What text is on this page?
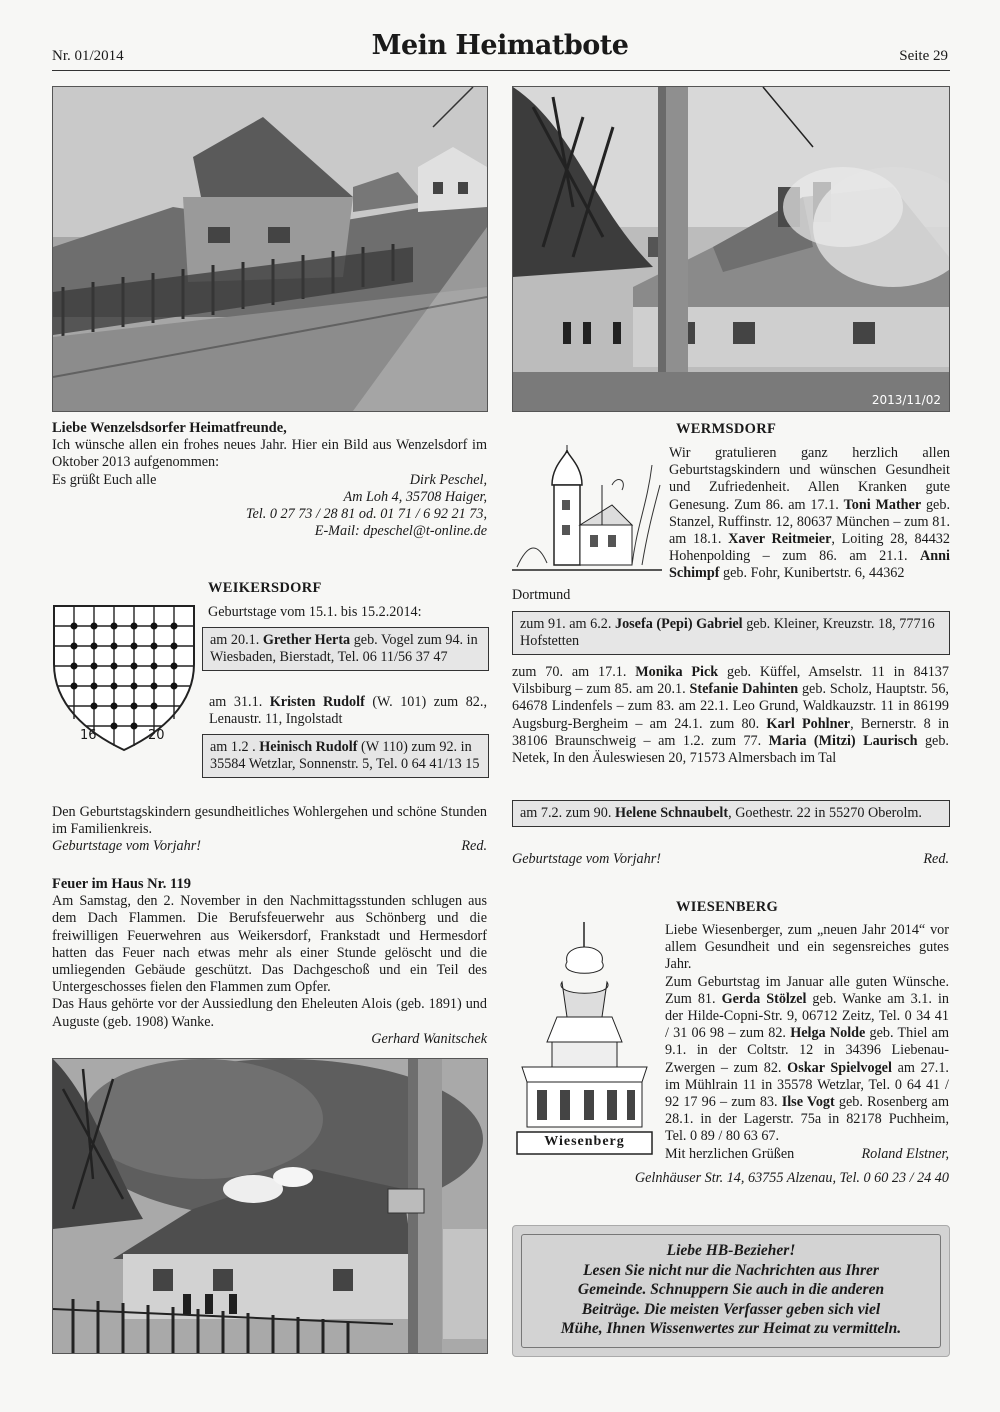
Nr. 01/2014	Mein Heimatbote	Seite 29
2013/11/02

Liebe Wenzelsdsorfer Heimatfreunde,

Ich wünsche allen ein frohes neues Jahr. Hier ein Bild aus Wenzelsdorf im Oktober 2013 aufgenommen:

Es grüßt Euch alle	Dirk Peschel,

Am Loh 4, 35708 Haiger,

Tel. 0 27 73 / 28 81 od. 01 71 / 6 92 21 73,

E-Mail: dpeschel@t-online.de

WEIKERSDORF
16	20
Geburtstage vom 15.1. bis 15.2.2014:
am 20.1. Grether Herta geb. Vogel zum 94. in Wiesbaden, Bierstadt, Tel. 06 11/56 37 47
am 31.1. Kristen Rudolf (W. 101) zum 82., Lenaustr. 11, Ingolstadt
am 1.2 . Heinisch Rudolf (W 110) zum 92. in 35584 Wetzlar, Sonnenstr. 5, Tel. 0 64 41/13 15

Den Geburtstagskindern gesundheitliches Wohlergehen und schöne Stunden im Familienkreis.

Geburtstage vom Vorjahr!	Red.

Feuer im Haus Nr. 119

Am Samstag, den 2. November in den Nachmittagsstunden schlugen aus dem Dach Flammen. Die Berufsfeuerwehr aus Schönberg und die freiwilligen Feuerwehren aus Weikersdorf, Frankstadt und Hermesdorf hatten das Feuer nach etwas mehr als einer Stunde gelöscht und die umliegenden Gebäude geschützt. Das Dachgeschoß und ein Teil des Untergeschosses fielen den Flammen zum Opfer.

Das Haus gehörte vor der Aussiedlung den Eheleuten Alois (geb. 1891) und Auguste (geb. 1908) Wanke.

Gerhard Wanitschek

WERMSDORF
Wir gratulieren ganz herzlich allen Geburtstagskindern und wünschen Gesundheit und Zufriedenheit. Allen Kranken gute Genesung. Zum 86. am 17.1. Toni Mather geb. Stanzel, Ruffinstr. 12, 80637 München – zum 81. am 18.1. Xaver Reitmeier, Loiting 28, 84432 Hohenpolding – zum 86. am 21.1. Anni Schimpf geb. Fohr, Kunibertstr. 6, 44362
Dortmund
zum 91. am 6.2. Josefa (Pepi) Gabriel geb. Kleiner, Kreuzstr. 18, 77716 Hofstetten
zum 70. am 17.1. Monika Pick geb. Küffel, Amselstr. 11 in 84137 Vilsbiburg – zum 85. am 20.1. Stefanie Dahinten geb. Scholz, Hauptstr. 56, 64678 Lindenfels – zum 83. am 22.1. Leo Grund, Waldkauzstr. 11 in 86199 Augsburg-Bergheim – am 24.1. zum 80. Karl Pohlner, Bernerstr. 8 in 38106 Braunschweig – am 1.2. zum 77. Maria (Mitzi) Laurisch geb. Netek, In den Äuleswiesen 20, 71573 Almersbach im Tal
am 7.2. zum 90. Helene Schnaubelt, Goethestr. 22 in 55270 Oberolm.
Geburtstage vom Vorjahr!	Red.
WIESENBERG
Wiesenberg

Liebe Wiesenberger, zum „neuen Jahr 2014“ vor allem Gesundheit und ein segensreiches gutes Jahr.

Zum Geburtstag im Januar alle guten Wünsche. Zum 81. Gerda Stölzel geb. Wanke am 3.1. in der Hilde-Copni-Str. 9, 06712 Zeitz, Tel. 0 34 41 / 31 06 98 – zum 82. Helga Nolde geb. Thiel am 9.1. in der Coltstr. 12 in 34396 Liebenau-Zwergen – zum 82. Oskar Spielvogel am 27.1. im Mühlrain 11 in 35578 Wetzlar, Tel. 0 64 41 / 92 17 96 – zum 83. Ilse Vogt geb. Rosenberg am 28.1. in der Lagerstr. 75a in 82178 Puchheim, Tel. 0 89 / 80 63 67.

Mit herzlichen Grüßen	Roland Elstner,
Gelnhäuser Str. 14, 63755 Alzenau, Tel. 0 60 23 / 24 40
Liebe HB-Bezieher!
Lesen Sie nicht nur die Nachrichten aus Ihrer
Gemeinde. Schnuppern Sie auch in die anderen
Beiträge. Die meisten Verfasser geben sich viel
Mühe, Ihnen Wissenwertes zur Heimat zu vermitteln.
